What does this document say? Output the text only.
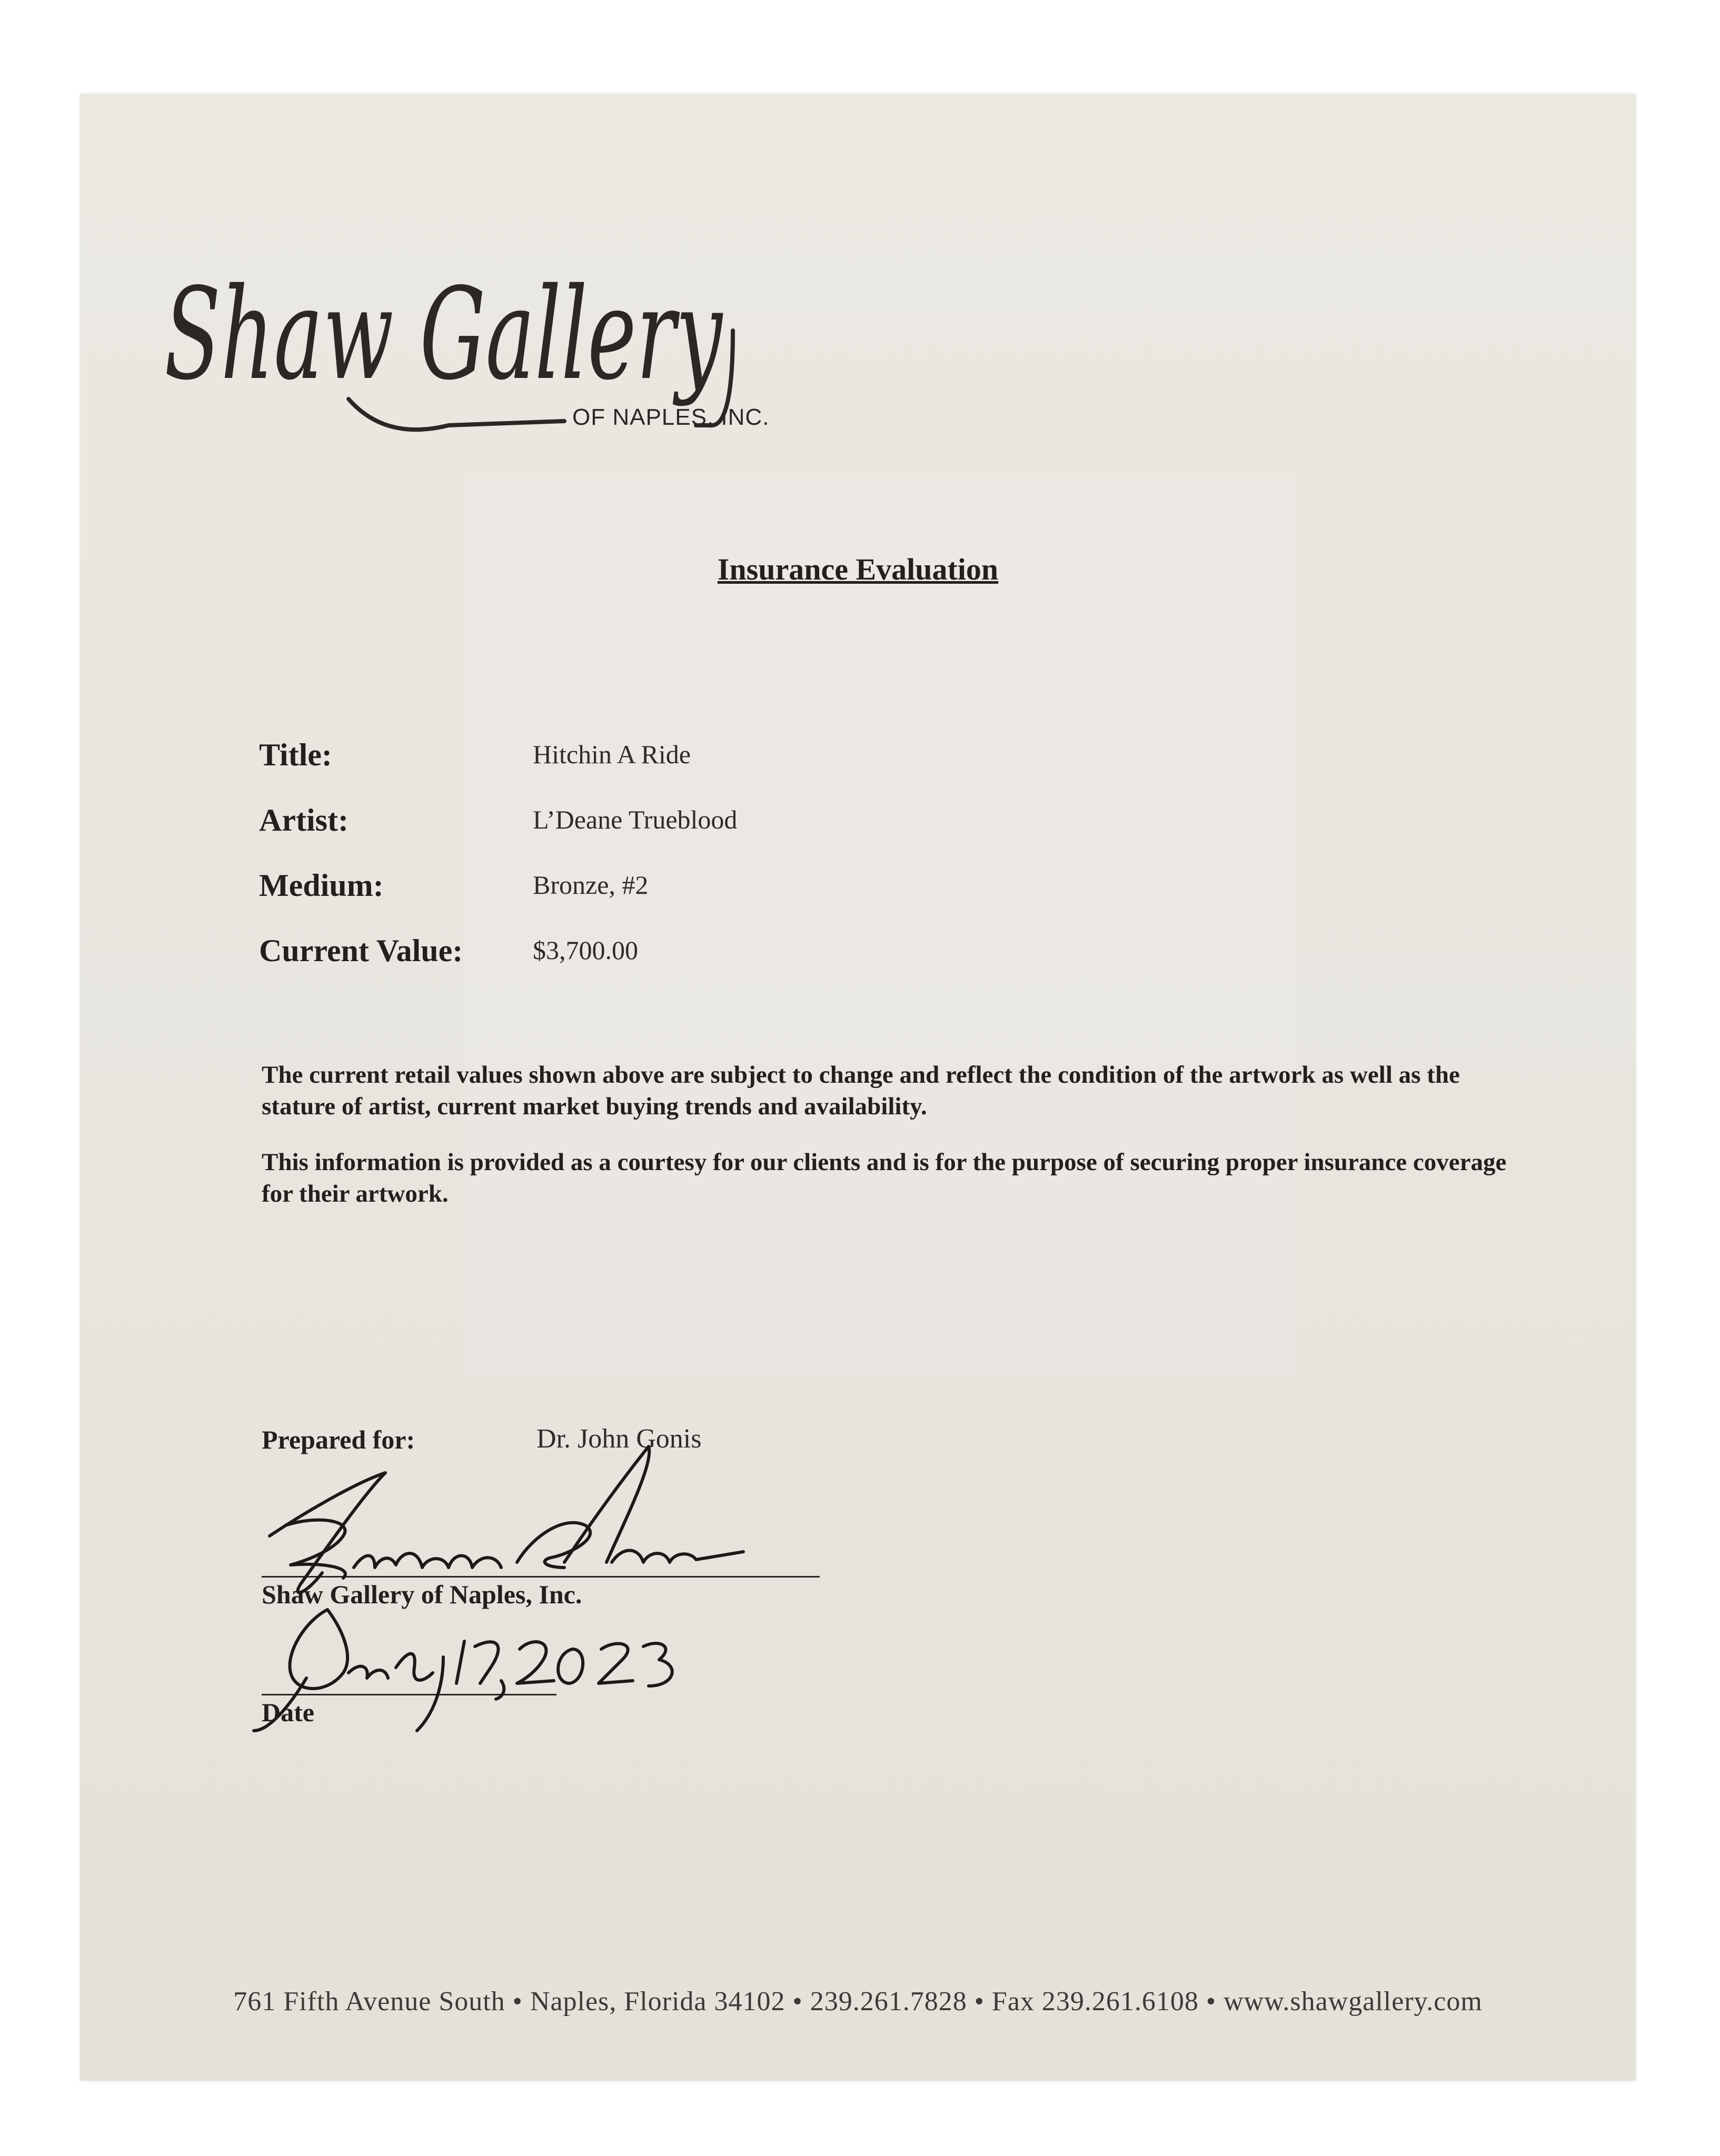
Shaw Gallery
OF NAPLES, INC.
Insurance Evaluation
Title:	Hitchin A Ride
Artist:	L’Deane Trueblood
Medium:	Bronze, #2
Current Value:	$3,700.00
The current retail values shown above are subject to change and reflect the condition of the artwork as well as the stature of artist, current market buying trends and availability.
This information is provided as a courtesy for our clients and is for the purpose of securing proper insurance coverage for their artwork.
Prepared for:	Dr. John Gonis
Shaw Gallery of Naples, Inc.
Date
761 Fifth Avenue South • Naples, Florida 34102 • 239.261.7828 • Fax 239.261.6108 • www.shawgallery.com
